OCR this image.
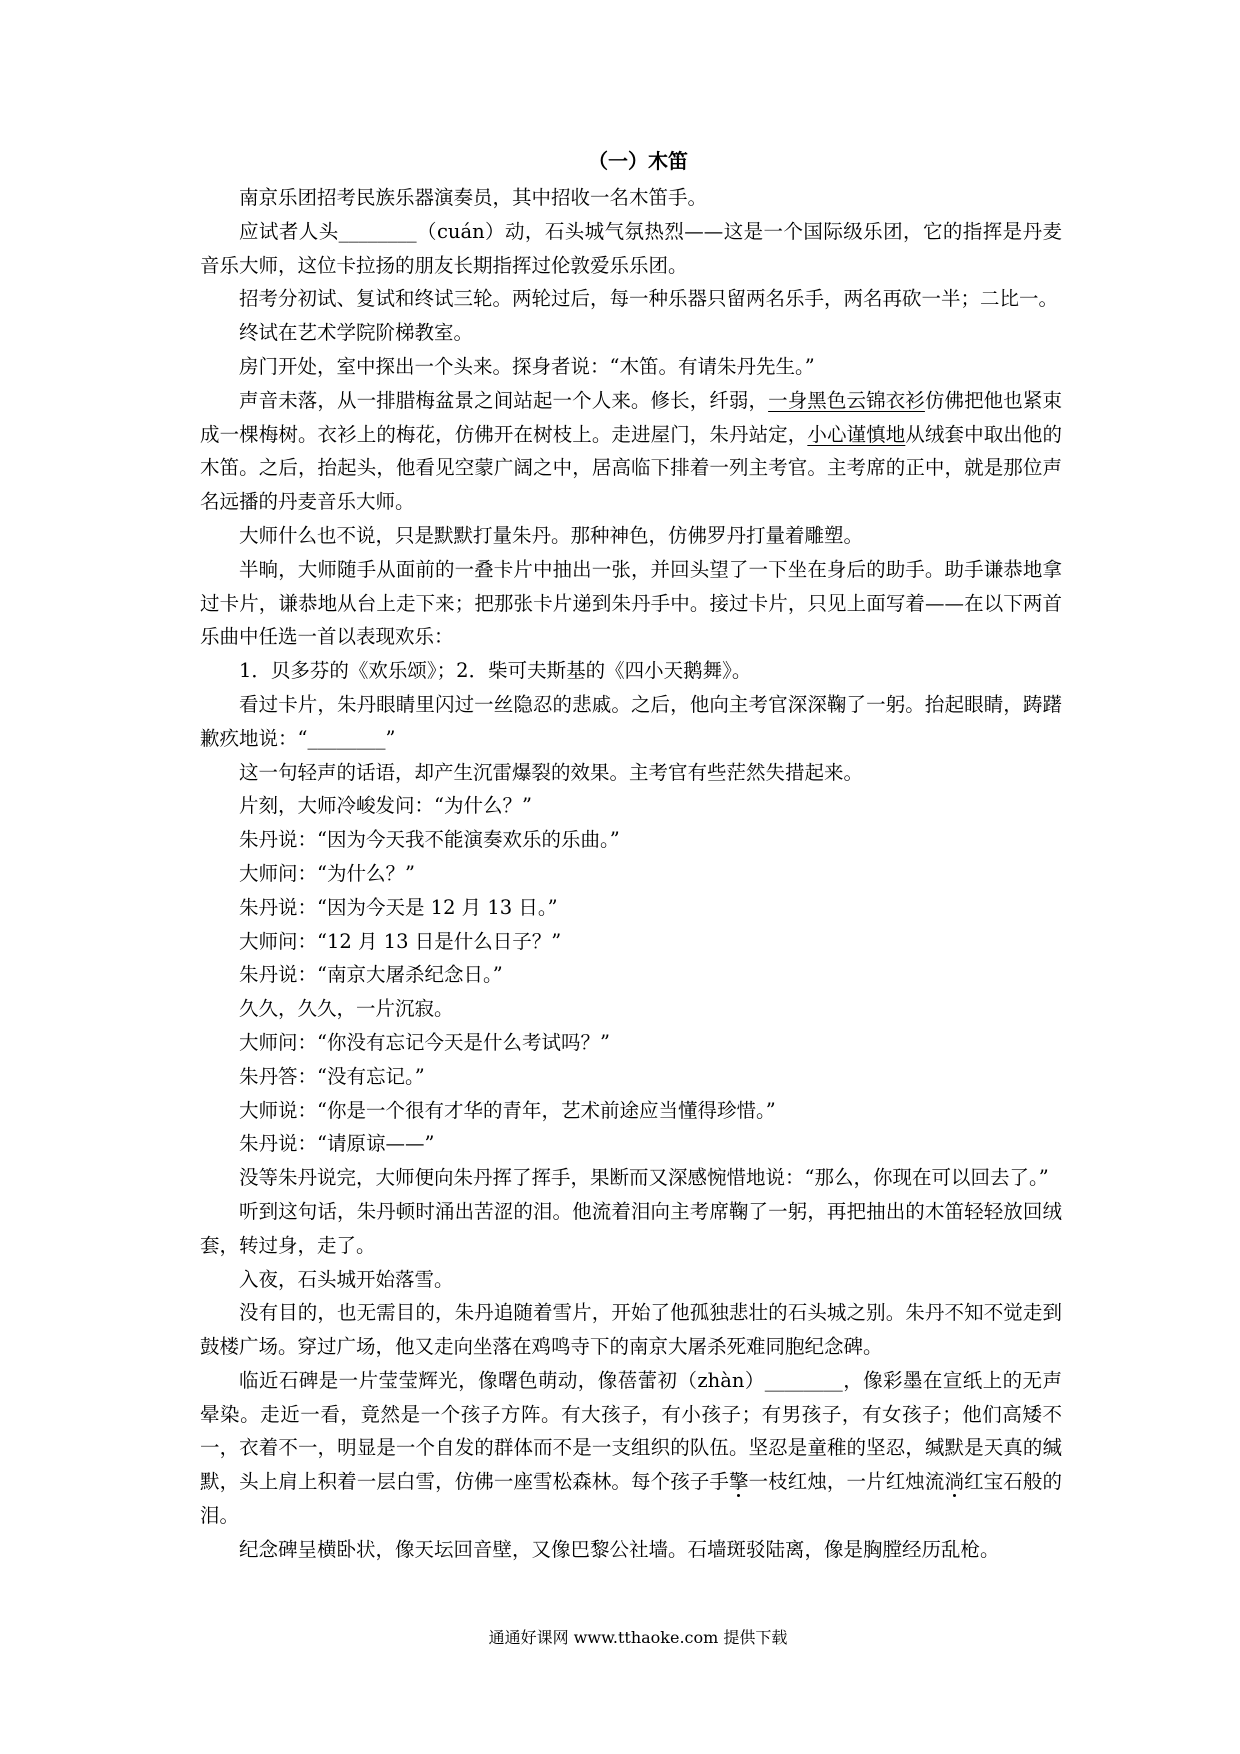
（一）木笛

南京乐团招考民族乐器演奏员，其中招收一名木笛手。

应试者人头________（cuán）动，石头城气氛热烈——这是一个国际级乐团，它的指挥是丹麦音乐大师，这位卡拉扬的朋友长期指挥过伦敦爱乐乐团。

招考分初试、复试和终试三轮。两轮过后，每一种乐器只留两名乐手，两名再砍一半；二比一。

终试在艺术学院阶梯教室。

房门开处，室中探出一个头来。探身者说：“木笛。有请朱丹先生。”

声音未落，从一排腊梅盆景之间站起一个人来。修长，纤弱，一身黑色云锦衣衫仿佛把他也紧束成一棵梅树。衣衫上的梅花，仿佛开在树枝上。走进屋门，朱丹站定，小心谨慎地从绒套中取出他的木笛。之后，抬起头，他看见空蒙广阔之中，居高临下排着一列主考官。主考席的正中，就是那位声名远播的丹麦音乐大师。

大师什么也不说，只是默默打量朱丹。那种神色，仿佛罗丹打量着雕塑。

半晌，大师随手从面前的一叠卡片中抽出一张，并回头望了一下坐在身后的助手。助手谦恭地拿过卡片，谦恭地从台上走下来；把那张卡片递到朱丹手中。接过卡片，只见上面写着——在以下两首乐曲中任选一首以表现欢乐：

1．贝多芬的《欢乐颂》；2．柴可夫斯基的《四小天鹅舞》。

看过卡片，朱丹眼睛里闪过一丝隐忍的悲戚。之后，他向主考官深深鞠了一躬。抬起眼睛，踌躇歉疚地说：“________”

这一句轻声的话语，却产生沉雷爆裂的效果。主考官有些茫然失措起来。

片刻，大师冷峻发问：“为什么？”

朱丹说：“因为今天我不能演奏欢乐的乐曲。”

大师问：“为什么？”

朱丹说：“因为今天是 12 月 13 日。”

大师问：“12 月 13 日是什么日子？”

朱丹说：“南京大屠杀纪念日。”

久久，久久，一片沉寂。

大师问：“你没有忘记今天是什么考试吗？”

朱丹答：“没有忘记。”

大师说：“你是一个很有才华的青年，艺术前途应当懂得珍惜。”

朱丹说：“请原谅——”

没等朱丹说完，大师便向朱丹挥了挥手，果断而又深感惋惜地说：“那么，你现在可以回去了。”

听到这句话，朱丹顿时涌出苦涩的泪。他流着泪向主考席鞠了一躬，再把抽出的木笛轻轻放回绒套，转过身，走了。

入夜，石头城开始落雪。

没有目的，也无需目的，朱丹追随着雪片，开始了他孤独悲壮的石头城之别。朱丹不知不觉走到鼓楼广场。穿过广场，他又走向坐落在鸡鸣寺下的南京大屠杀死难同胞纪念碑。

临近石碑是一片莹莹辉光，像曙色萌动，像蓓蕾初（zhàn）________，像彩墨在宣纸上的无声晕染。走近一看，竟然是一个孩子方阵。有大孩子，有小孩子；有男孩子，有女孩子；他们高矮不一，衣着不一，明显是一个自发的群体而不是一支组织的队伍。坚忍是童稚的坚忍，缄默是天真的缄默，头上肩上积着一层白雪，仿佛一座雪松森林。每个孩子手擎一枝红烛，一片红烛流淌红宝石般的泪。

纪念碑呈横卧状，像天坛回音壁，又像巴黎公社墙。石墙斑驳陆离，像是胸膛经历乱枪。

通通好课网 www.tthaoke.com 提供下载
